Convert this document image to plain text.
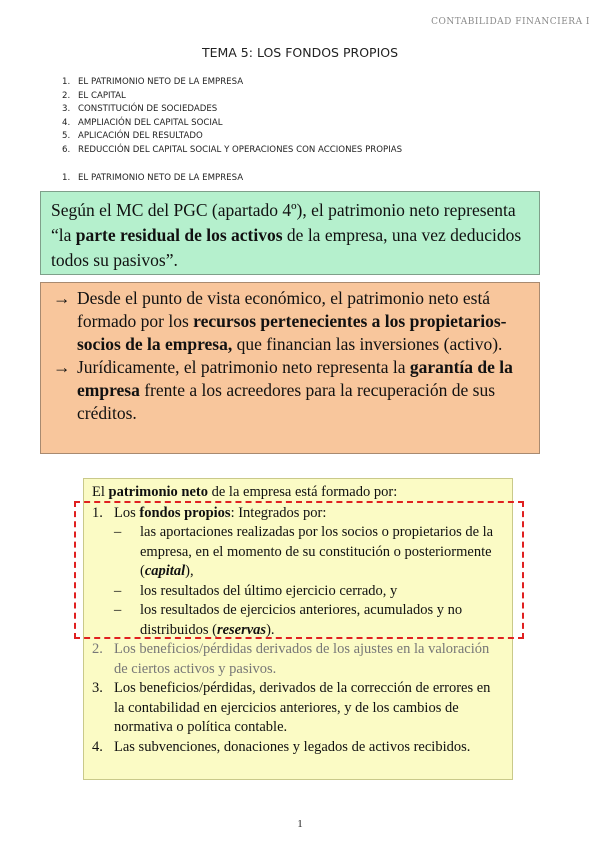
CONTABILIDAD FINANCIERA I
TEMA 5: LOS FONDOS PROPIOS
1. EL PATRIMONIO NETO DE LA EMPRESA
2. EL CAPITAL
3. CONSTITUCIÓN DE SOCIEDADES
4. AMPLIACIÓN DEL CAPITAL SOCIAL
5. APLICACIÓN DEL RESULTADO
6. REDUCCIÓN DEL CAPITAL SOCIAL Y OPERACIONES CON ACCIONES PROPIAS
1. EL PATRIMONIO NETO DE LA EMPRESA
Según el MC del PGC (apartado 4º), el patrimonio neto representa “la parte residual de los activos de la empresa, una vez deducidos todos su pasivos”.
→ Desde el punto de vista económico, el patrimonio neto está formado por los recursos pertenecientes a los propietarios-socios de la empresa, que financian las inversiones (activo).
→ Jurídicamente, el patrimonio neto representa la garantía de la empresa frente a los acreedores para la recuperación de sus créditos.
El patrimonio neto de la empresa está formado por:
1. Los fondos propios: Integrados por:
–	las aportaciones realizadas por los socios o propietarios de la empresa, en el momento de su constitución o posteriormente (capital),
–	los resultados del último ejercicio cerrado, y
–	los resultados de ejercicios anteriores, acumulados y no distribuidos (reservas).
2. Los beneficios/pérdidas derivados de los ajustes en la valoración de ciertos activos y pasivos.
3. Los beneficios/pérdidas, derivados de la corrección de errores en la contabilidad en ejercicios anteriores, y de los cambios de normativa o política contable.
4. Las subvenciones, donaciones y legados de activos recibidos.
1
